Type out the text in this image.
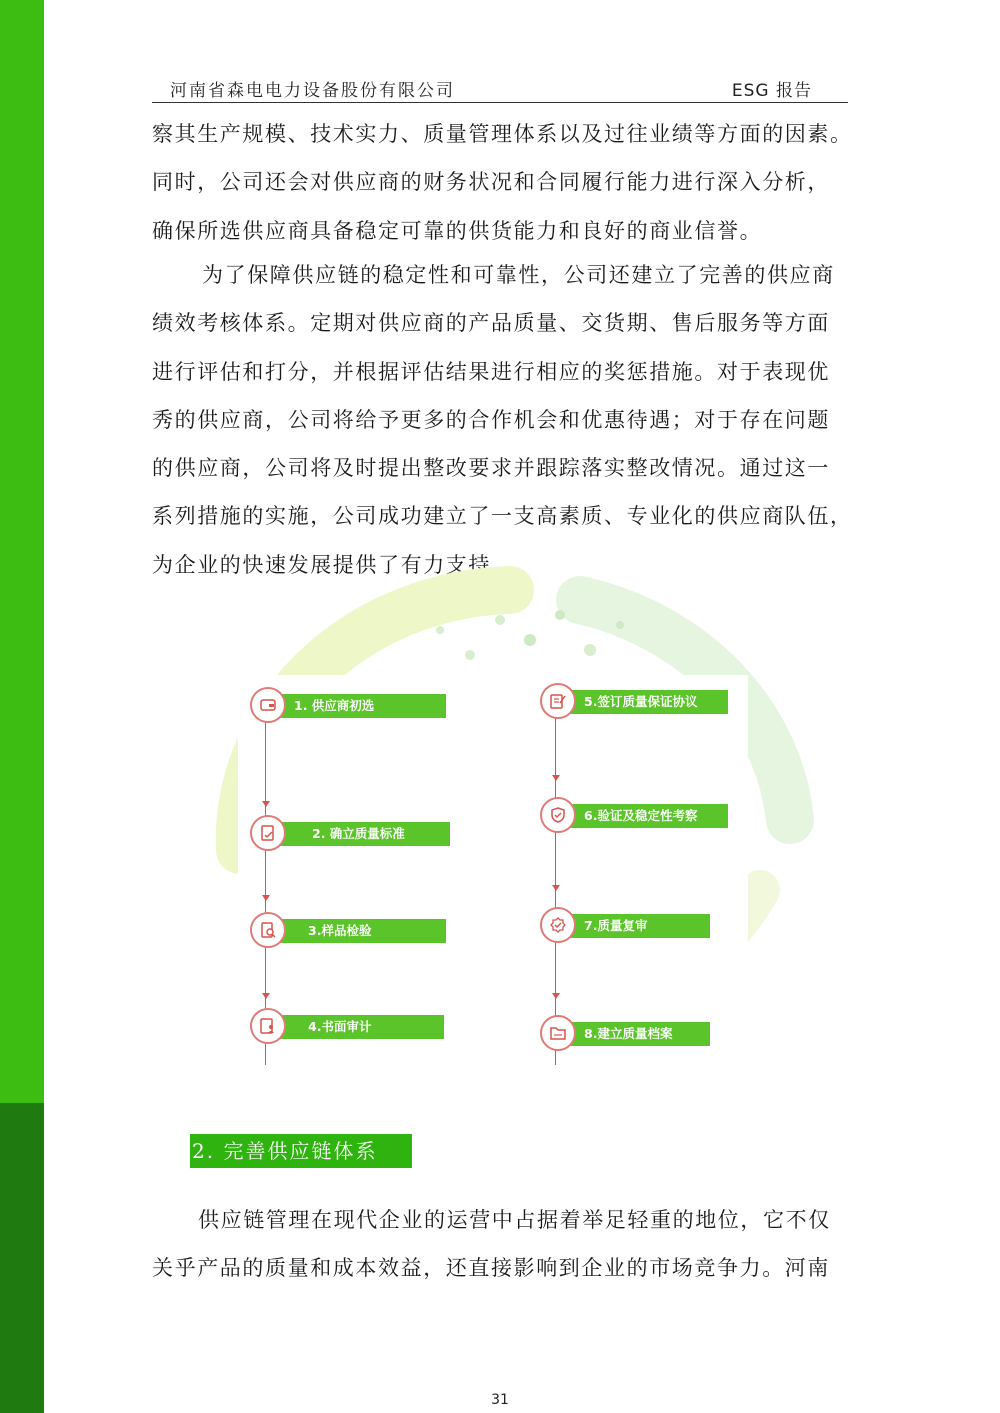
河南省森电电力设备股份有限公司	ESG 报告
察其生产规模、技术实力、质量管理体系以及过往业绩等方面的因素。
同时，公司还会对供应商的财务状况和合同履行能力进行深入分析，
确保所选供应商具备稳定可靠的供货能力和良好的商业信誉。
为了保障供应链的稳定性和可靠性，公司还建立了完善的供应商
绩效考核体系。定期对供应商的产品质量、交货期、售后服务等方面
进行评估和打分，并根据评估结果进行相应的奖惩措施。对于表现优
秀的供应商，公司将给予更多的合作机会和优惠待遇；对于存在问题
的供应商，公司将及时提出整改要求并跟踪落实整改情况。通过这一
系列措施的实施，公司成功建立了一支高素质、专业化的供应商队伍，
为企业的快速发展提供了有力支持。
1. 供应商初选
2. 确立质量标准
3.样品检验
4.书面审计
5.签订质量保证协议
6.验证及稳定性考察
7.质量复审
8.建立质量档案
2. 完善供应链体系
供应链管理在现代企业的运营中占据着举足轻重的地位，它不仅
关乎产品的质量和成本效益，还直接影响到企业的市场竞争力。河南
31
